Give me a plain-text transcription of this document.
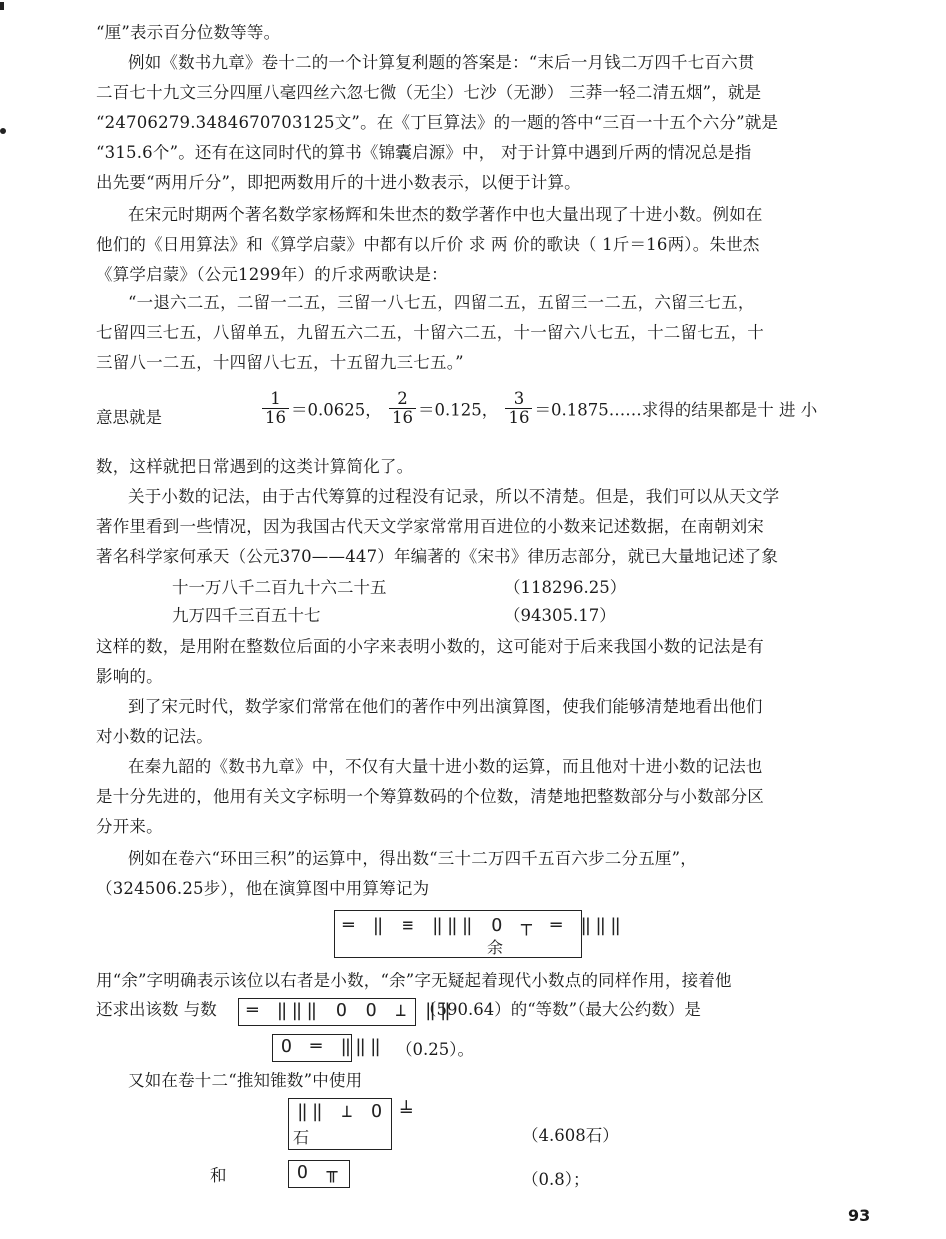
“厘”表示百分位数等等。
例如《数书九章》卷十二的一个计算复利题的答案是：“末后一月钱二万四千七百六贯
二百七十九文三分四厘八毫四丝六忽七微（无尘）七沙（无渺） 三莽一轻二清五烟”，就是
“24706279.3484670703125文”。在《丁巨算法》的一题的答中“三百一十五个六分”就是
“315.6个”。还有在这同时代的算书《锦囊启源》中， 对于计算中遇到斤两的情况总是指
出先要“两用斤分”，即把两数用斤的十进小数表示，以便于计算。
在宋元时期两个著名数学家杨辉和朱世杰的数学著作中也大量出现了十进小数。例如在
他们的《日用算法》和《算学启蒙》中都有以斤价 求 两 价的歌诀（ 1斤＝16两）。朱世杰
《算学启蒙》（公元1299年）的斤求两歌诀是：
“一退六二五，二留一二五，三留一八七五，四留二五，五留三一二五，六留三七五，
七留四三七五，八留单五，九留五六二五，十留六二五，十一留六八七五，十二留七五，十
三留八一二五，十四留八七五，十五留九三七五。”
意思就是	$\frac{1}{16} =0.0625$， $\frac{2}{16} =0.125$， $\frac{3}{16}$ ＝0.1875……求得的结果都是十 进 小
数，这样就把日常遇到的这类计算简化了。
关于小数的记法，由于古代筹算的过程没有记录，所以不清楚。但是，我们可以从天文学
著作里看到一些情况，因为我国古代天文学家常常用百进位的小数来记述数据，在南朝刘宋
著名科学家何承天（公元370——447）年编著的《宋书》律历志部分，就已大量地记述了象
十一万八千二百九十六二十五	（118296.25）
九万四千三百五十七	（94305.17）
这样的数，是用附在整数位后面的小字来表明小数的，这可能对于后来我国小数的记法是有
影响的。
到了宋元时代，数学家们常常在他们的著作中列出演算图，使我们能够清楚地看出他们
对小数的记法。
在秦九韶的《数书九章》中，不仅有大量十进小数的运算，而且他对十进小数的记法也
是十分先进的，他用有关文字标明一个筹算数码的个位数，清楚地把整数部分与小数部分区
分开来。
例如在卷六“环田三积”的运算中，得出数“三十二万四千五百六步二分五厘”，
（324506.25步），他在演算图中用算筹记为
═ ‖ ≡ ‖‖‖ O ┬ ═ ‖‖‖
余
用“余”字明确表示该位以右者是小数，“余”字无疑起着现代小数点的同样作用，接着他
还求出该数 与数 ═ ‖‖‖ O O ⊥ ‖‖
（590.64）的“等数”（最大公约数）是
O ═ ‖‖‖ （0.25）。
又如在卷十二“推知锥数”中使用
‖‖ ⊥ O ╧
石	（4.608石）
和	O ╥	（0.8）；
93
